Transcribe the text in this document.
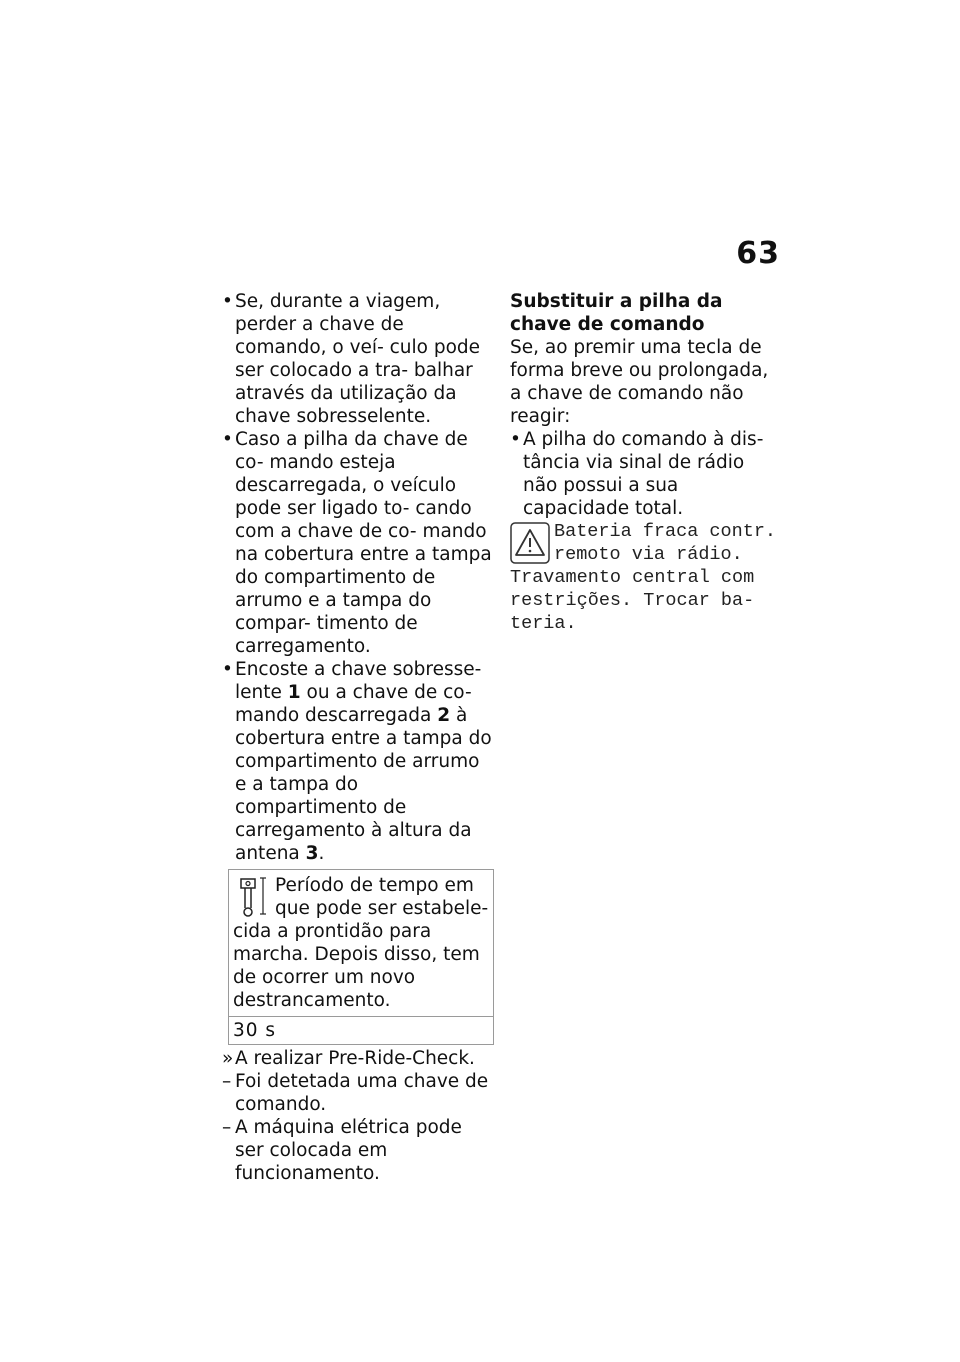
63
• Se, durante a viagem, perder a chave de comando, o veí- culo pode ser colocado a tra- balhar através da utilização da chave sobresselente.
• Caso a pilha da chave de co- mando esteja descarregada, o veículo pode ser ligado to- cando com a chave de co- mando na cobertura entre a tampa do compartimento de arrumo e a tampa do compar- timento de carregamento.
• Encoste a chave sobresse- lente 1 ou a chave de co- mando descarregada 2 à cobertura entre a tampa do compartimento de arrumo e a tampa do compartimento de carregamento à altura da antena 3.
Período de tempo em que pode ser estabele- cida a prontidão para marcha. Depois disso, tem de ocorrer um novo destrancamento.
30 s
» A realizar Pre-Ride-Check.
– Foi detetada uma chave de comando.
– A máquina elétrica pode ser colocada em funcionamento.
Substituir a pilha da chave de comando
Se, ao premir uma tecla de forma breve ou prolongada, a chave de comando não reagir:
• A pilha do comando à dis- tância via sinal de rádio não possui a sua capacidade total.
Bateria fraca contr. remoto via rádio. Travamento central com restrições. Trocar ba- teria.
